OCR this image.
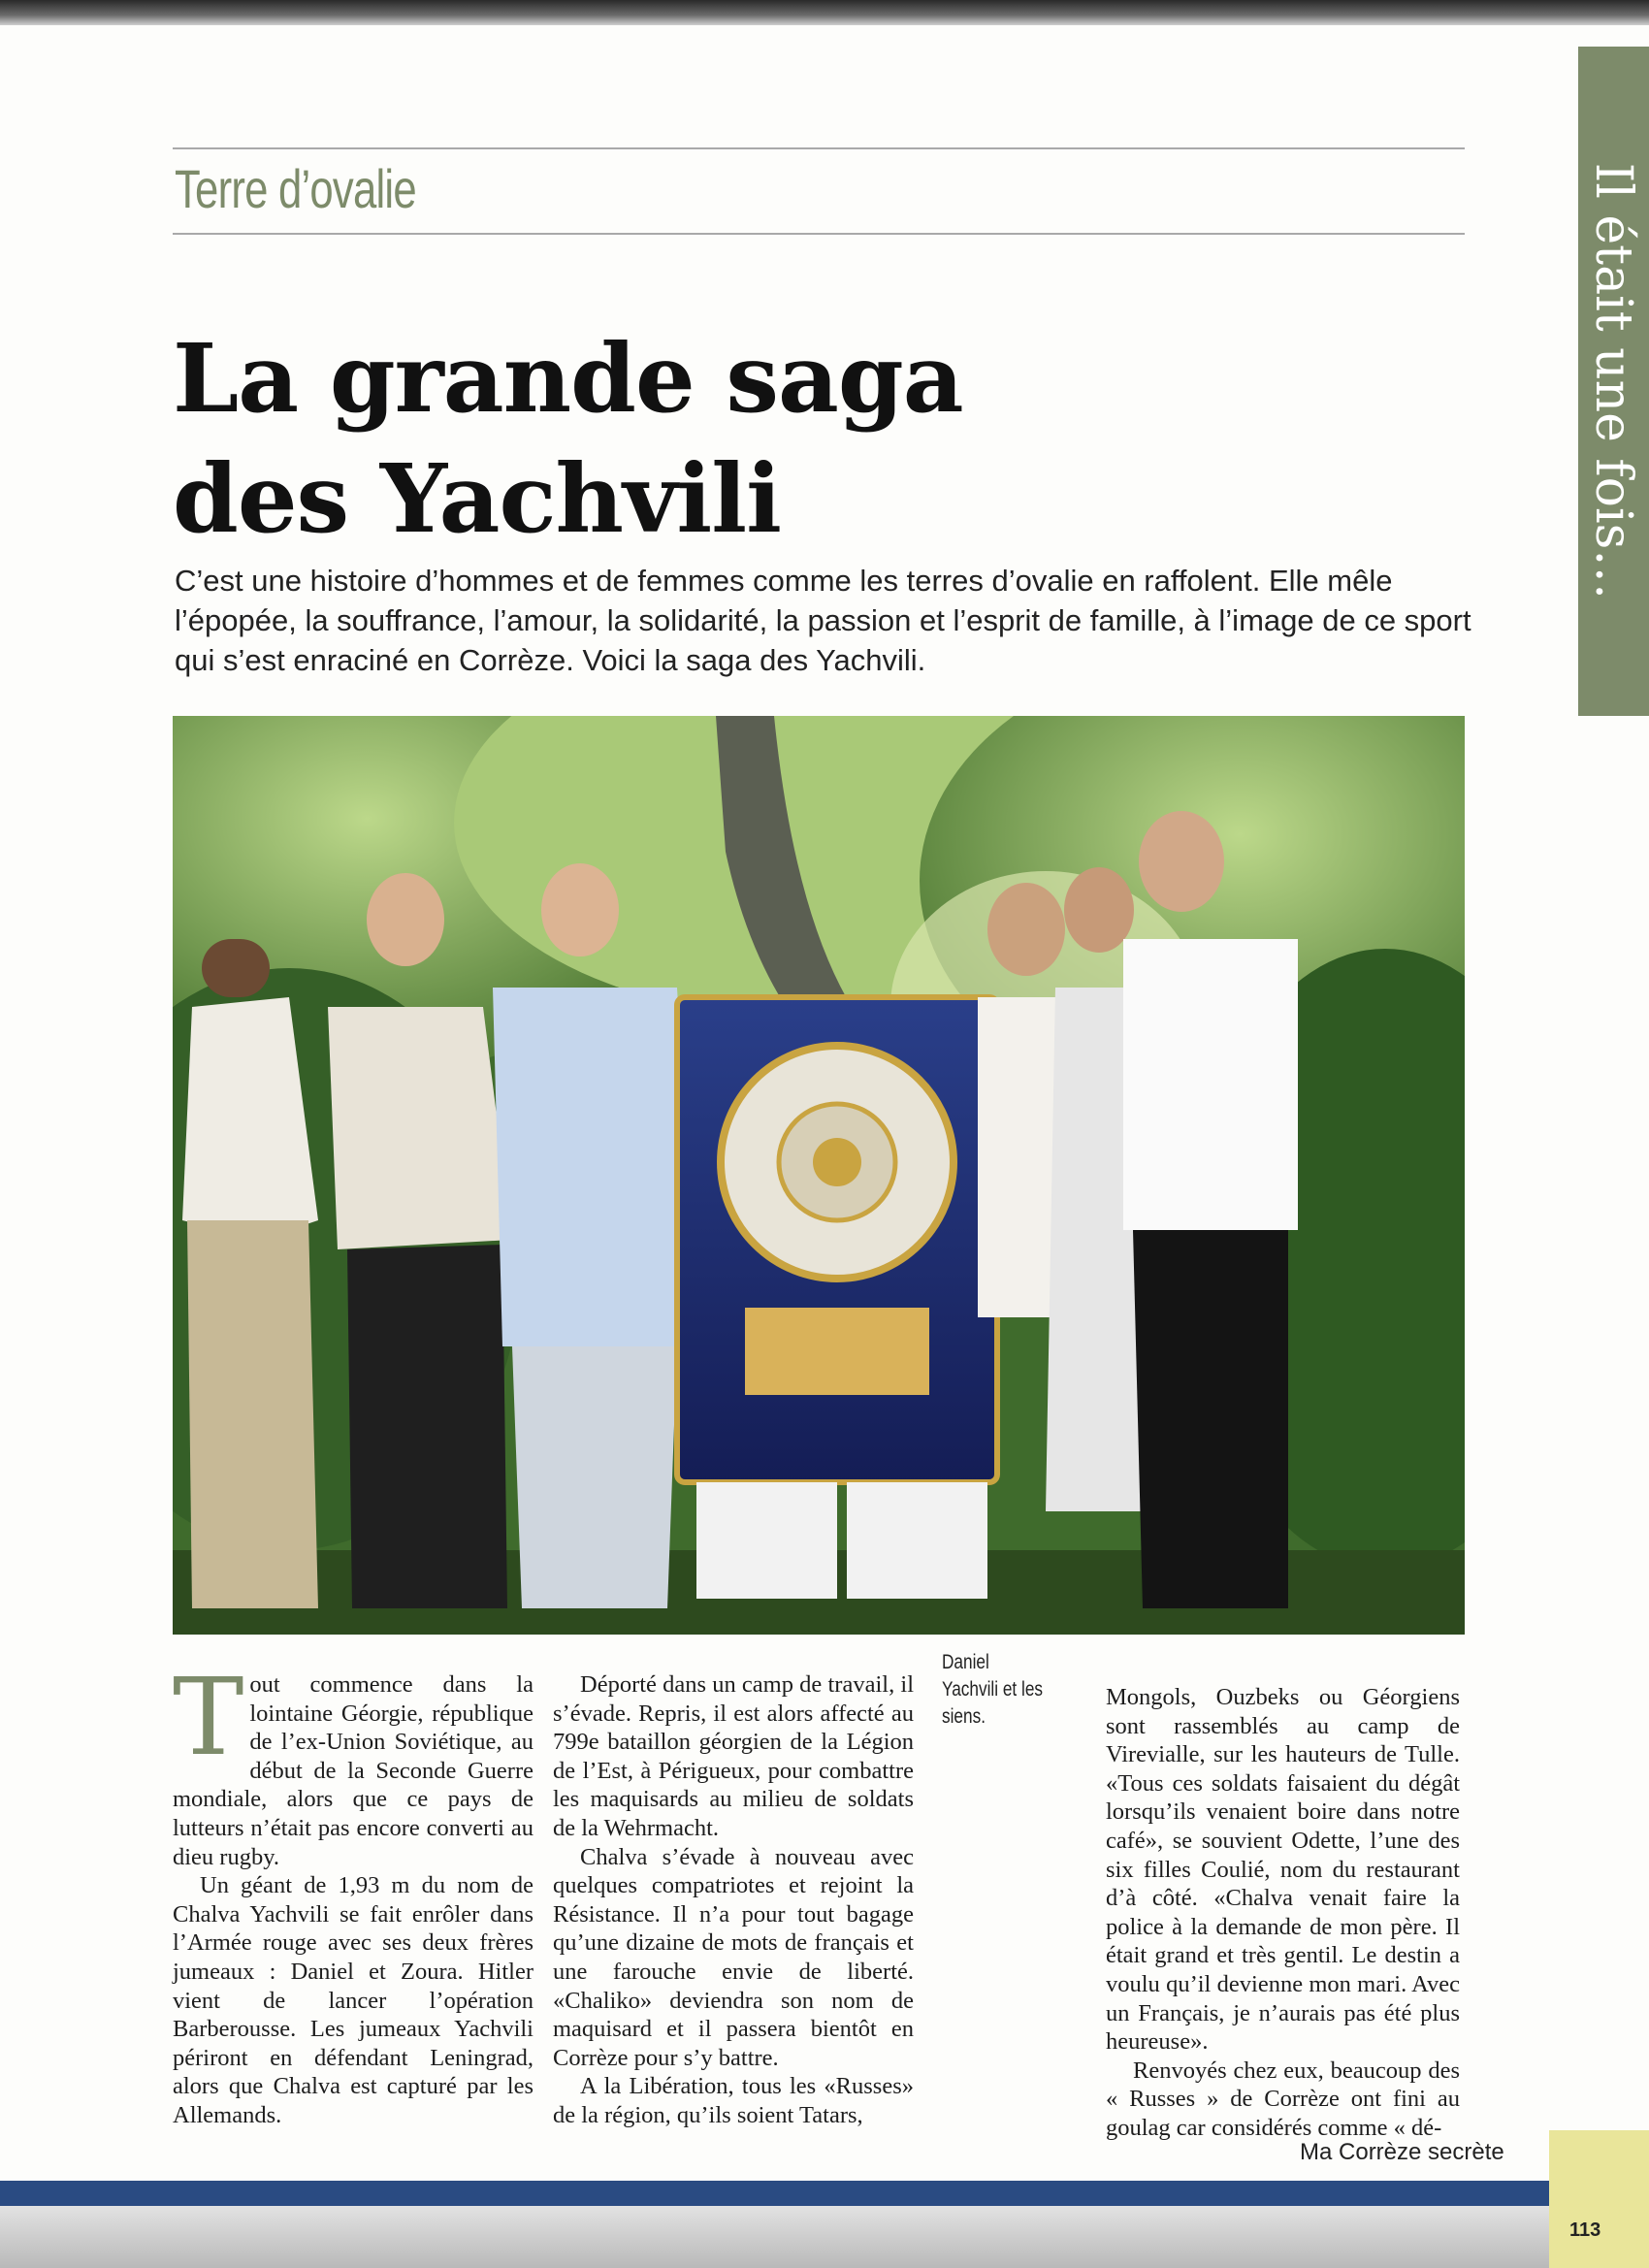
Il était une fois…
Terre d’ovalie
La grande saga
des Yachvili

C’est une histoire d’hommes et de femmes comme les terres d’ovalie en raffolent. Elle mêle l’épopée, la souffrance, l’amour, la solidarité, la passion et l’esprit de famille, à l’image de ce sport qui s’est enraciné en Corrèze. Voici la saga des Yachvili.

Daniel Yachvili et les siens.

Tout commence dans la lointaine Géorgie, république de l’ex-Union Soviétique, au début de la Seconde Guerre mondiale, alors que ce pays de lutteurs n’était pas encore converti au dieu rugby.

Un géant de 1,93 m du nom de Chalva Yachvili se fait enrôler dans l’Armée rouge avec ses deux frères jumeaux : Daniel et Zoura. Hitler vient de lancer l’opération Barberousse. Les jumeaux Yachvili périront en défendant Leningrad, alors que Chalva est capturé par les Allemands.

Déporté dans un camp de travail, il s’évade. Repris, il est alors affecté au 799e bataillon géorgien de la Légion de l’Est, à Périgueux, pour combattre les maquisards au milieu de soldats de la Wehrmacht.

Chalva s’évade à nouveau avec quelques compatriotes et rejoint la Résistance. Il n’a pour tout bagage qu’une dizaine de mots de français et une farouche envie de liberté. «Chaliko» deviendra son nom de maquisard et il passera bientôt en Corrèze pour s’y battre.

A la Libération, tous les «Russes» de la région, qu’ils soient Tatars,

Mongols, Ouzbeks ou Géorgiens sont rassemblés au camp de Virevialle, sur les hauteurs de Tulle. «Tous ces soldats faisaient du dégât lorsqu’ils venaient boire dans notre café», se souvient Odette, l’une des six filles Coulié, nom du restaurant d’à côté. «Chalva venait faire la police à la demande de mon père. Il était grand et très gentil. Le destin a voulu qu’il devienne mon mari. Avec un Français, je n’aurais pas été plus heureuse».

Renvoyés chez eux, beaucoup des « Russes » de Corrèze ont fini au goulag car considérés comme « dé-

Ma Corrèze secrète
113
